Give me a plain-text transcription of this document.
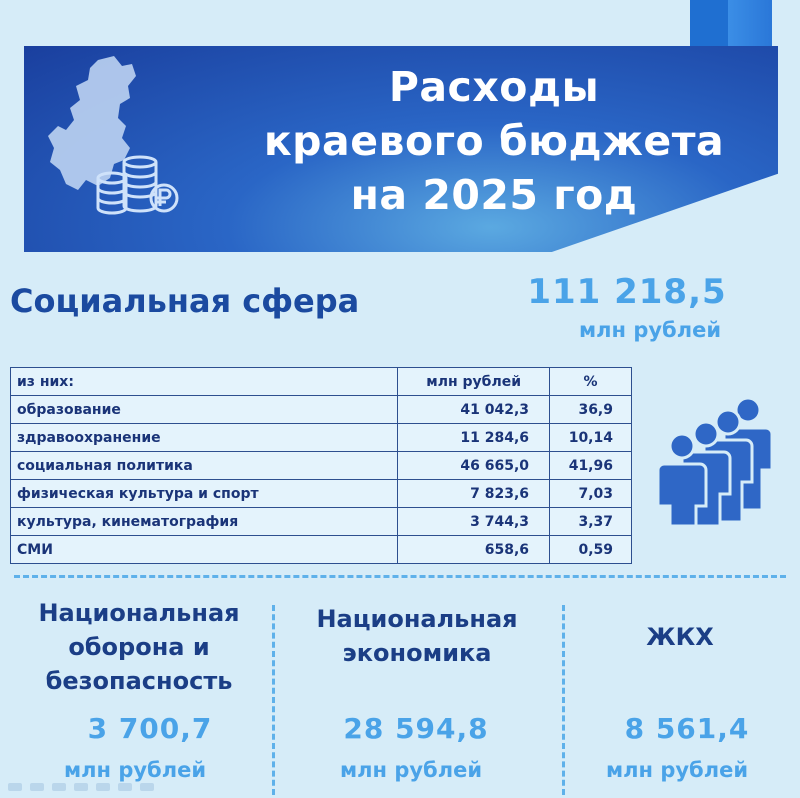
Расходы
краевого бюджета
на 2025 год
Социальная сфера	111 218,5
млн рублей
из них:	млн рублей	%
образование	41 042,3	36,9
здравоохранение	11 284,6	10,14
социальная политика	46 665,0	41,96
физическая культура и спорт	7 823,6	7,03
культура, кинематография	3 744,3	3,37
СМИ	658,6	0,59
Национальная
оборона и
безопасность
3 700,7
млн рублей
Национальная
экономика
28 594,8
млн рублей
ЖКХ
8 561,4
млн рублей
